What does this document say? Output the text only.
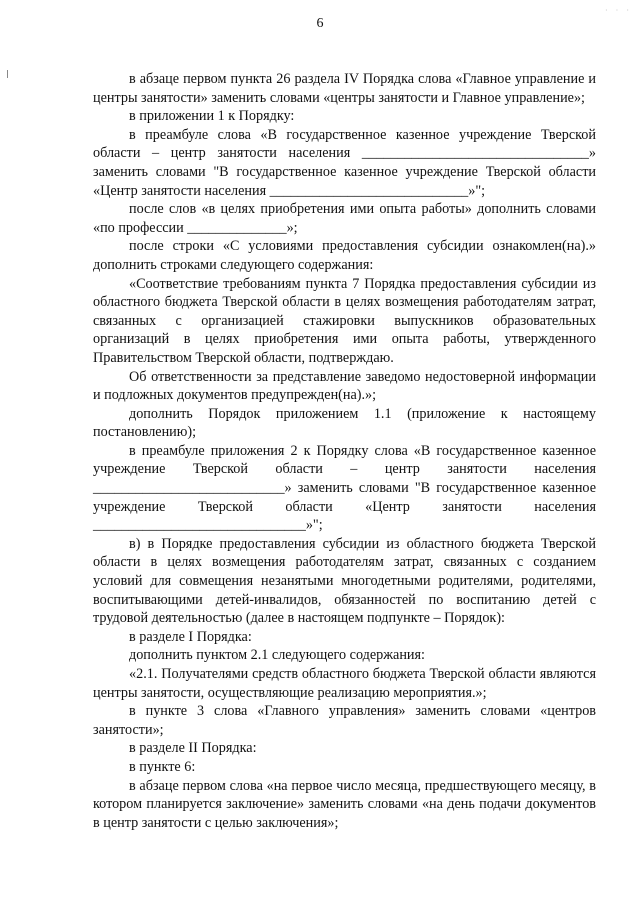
· · ·
6

в абзаце первом пункта 26 раздела IV Порядка слова «Главное управление и центры занятости» заменить словами «центры занятости и Главное управление»;

в приложении 1 к Порядку:

в преамбуле слова «В государственное казенное учреждение Тверской области – центр занятости населения ________________________________» заменить словами "В государственное казенное учреждение Тверской области «Центр занятости населения ____________________________»";

после слов «в целях приобретения ими опыта работы» дополнить словами «по профессии ______________»;

после строки «С условиями предоставления субсидии ознакомлен(на).» дополнить строками следующего содержания:

«Соответствие требованиям пункта 7 Порядка предоставления субсидии из областного бюджета Тверской области в целях возмещения работодателям затрат, связанных с организацией стажировки выпускников образовательных организаций в целях приобретения ими опыта работы, утвержденного Правительством Тверской области, подтверждаю.

Об ответственности за представление заведомо недостоверной информации и подложных документов предупрежден(на).»;

дополнить Порядок приложением 1.1 (приложение к настоящему постановлению);

в преамбуле приложения 2 к Порядку слова «В государственное казенное учреждение Тверской области – центр занятости населения ___________________________» заменить словами "В государственное казенное учреждение Тверской области «Центр занятости населения ______________________________»";

в) в Порядке предоставления субсидии из областного бюджета Тверской области в целях возмещения работодателям затрат, связанных с созданием условий для совмещения незанятыми многодетными родителями, родителями, воспитывающими детей-инвалидов, обязанностей по воспитанию детей с трудовой деятельностью (далее в настоящем подпункте – Порядок):

в разделе I Порядка:

дополнить пунктом 2.1 следующего содержания:

«2.1. Получателями средств областного бюджета Тверской области являются центры занятости, осуществляющие реализацию мероприятия.»;

в пункте 3 слова «Главного управления» заменить словами «центров занятости»;

в разделе II Порядка:

в пункте 6:

в абзаце первом слова «на первое число месяца, предшествующего месяцу, в котором планируется заключение» заменить словами «на день подачи документов в центр занятости с целью заключения»;
